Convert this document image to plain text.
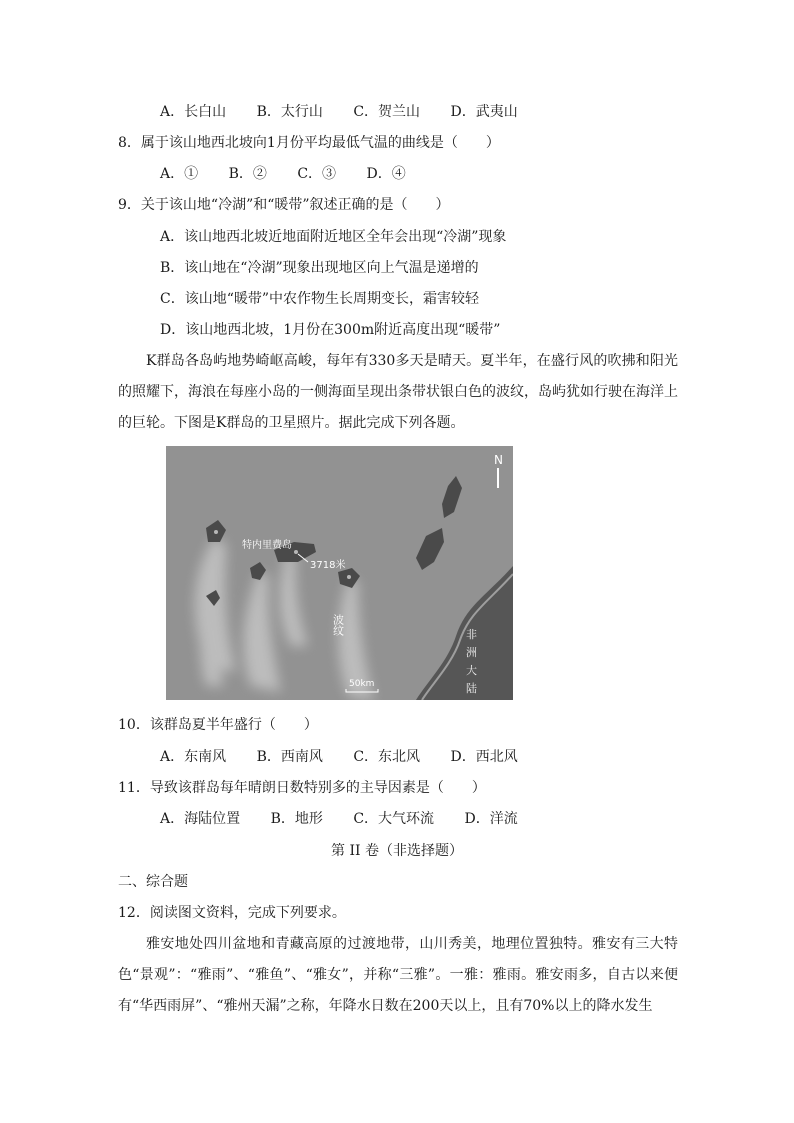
A．长白山 B．太行山 C．贺兰山 D．武夷山
8．属于该山地西北坡向1月份平均最低气温的曲线是（　　）
A．① B．② C．③ D．④
9．关于该山地“冷湖”和“暖带”叙述正确的是（　　）
A．该山地西北坡近地面附近地区全年会出现“冷湖”现象
B．该山地在“冷湖”现象出现地区向上气温是递增的
C．该山地“暖带”中农作物生长周期变长，霜害较轻
D．该山地西北坡，1月份在300m附近高度出现“暖带”
K群岛各岛屿地势崎岖高峻，每年有330多天是晴天。夏半年，在盛行风的吹拂和阳光的照耀下，海浪在每座小岛的一侧海面呈现出条带状银白色的波纹，岛屿犹如行驶在海洋上的巨轮。下图是K群岛的卫星照片。据此完成下列各题。
特内里费岛
3718米
波纹	非
洲
大
陆
N
50km
10．该群岛夏半年盛行（　　）
A．东南风 B．西南风 C．东北风 D．西北风
11．导致该群岛每年晴朗日数特别多的主导因素是（　　）
A．海陆位置 B．地形 C．大气环流 D．洋流
第 II 卷（非选择题）
二、综合题
12．阅读图文资料，完成下列要求。
雅安地处四川盆地和青藏高原的过渡地带，山川秀美，地理位置独特。雅安有三大特色“景观”：“雅雨”、“雅鱼”、“雅女”，并称“三雅”。一雅：雅雨。雅安雨多，自古以来便有“华西雨屏”、“雅州天漏”之称，年降水日数在200天以上，且有70%以上的降水发生
